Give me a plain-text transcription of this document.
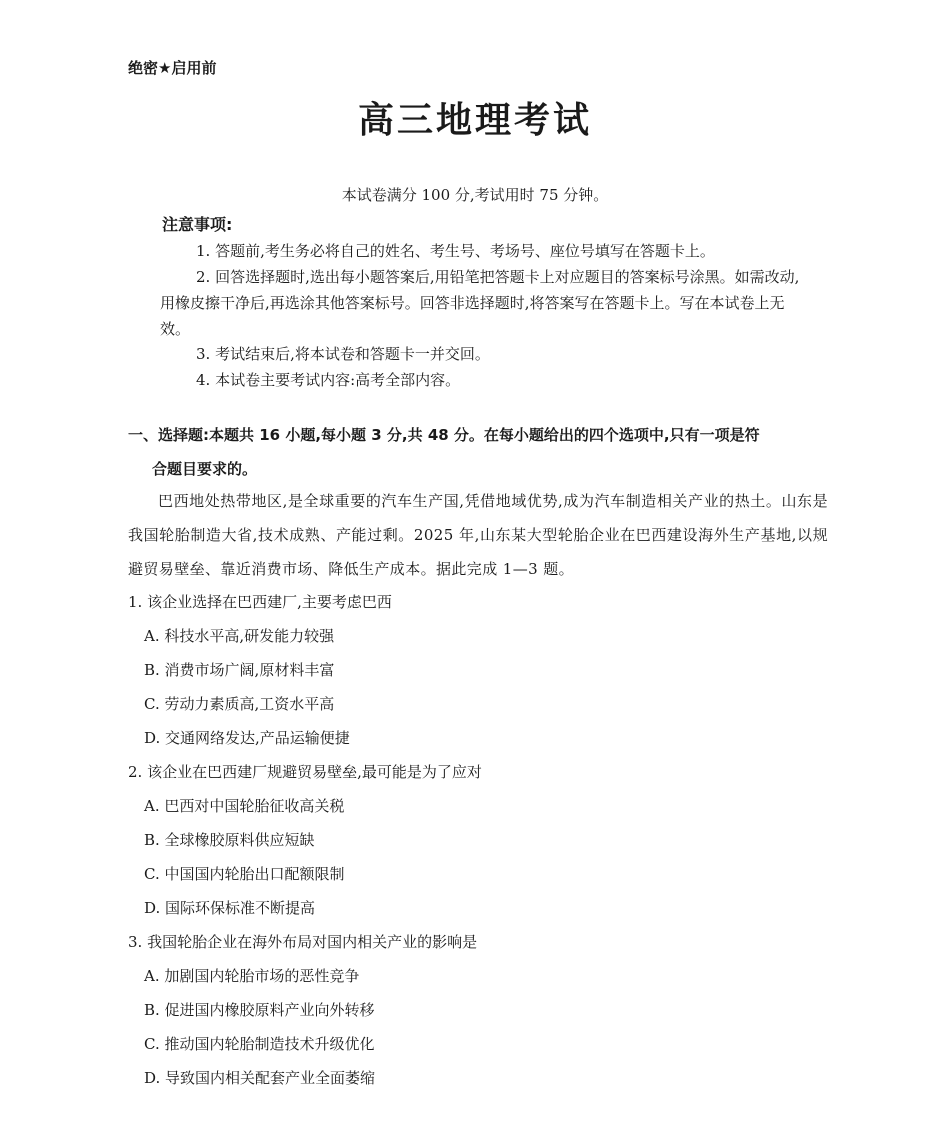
绝密★启用前
高三地理考试
本试卷满分 100 分,考试用时 75 分钟。
注意事项:
1. 答题前,考生务必将自己的姓名、考生号、考场号、座位号填写在答题卡上。
2. 回答选择题时,选出每小题答案后,用铅笔把答题卡上对应题目的答案标号涂黑。如需改动,用橡皮擦干净后,再选涂其他答案标号。回答非选择题时,将答案写在答题卡上。写在本试卷上无效。
3. 考试结束后,将本试卷和答题卡一并交回。
4. 本试卷主要考试内容:高考全部内容。
一、选择题:本题共 16 小题,每小题 3 分,共 48 分。在每小题给出的四个选项中,只有一项是符
合题目要求的。
巴西地处热带地区,是全球重要的汽车生产国,凭借地域优势,成为汽车制造相关产业的热土。山东是我国轮胎制造大省,技术成熟、产能过剩。2025 年,山东某大型轮胎企业在巴西建设海外生产基地,以规避贸易壁垒、靠近消费市场、降低生产成本。据此完成 1—3 题。
1. 该企业选择在巴西建厂,主要考虑巴西
A. 科技水平高,研发能力较强
B. 消费市场广阔,原材料丰富
C. 劳动力素质高,工资水平高
D. 交通网络发达,产品运输便捷
2. 该企业在巴西建厂规避贸易壁垒,最可能是为了应对
A. 巴西对中国轮胎征收高关税
B. 全球橡胶原料供应短缺
C. 中国国内轮胎出口配额限制
D. 国际环保标准不断提高
3. 我国轮胎企业在海外布局对国内相关产业的影响是
A. 加剧国内轮胎市场的恶性竞争
B. 促进国内橡胶原料产业向外转移
C. 推动国内轮胎制造技术升级优化
D. 导致国内相关配套产业全面萎缩
